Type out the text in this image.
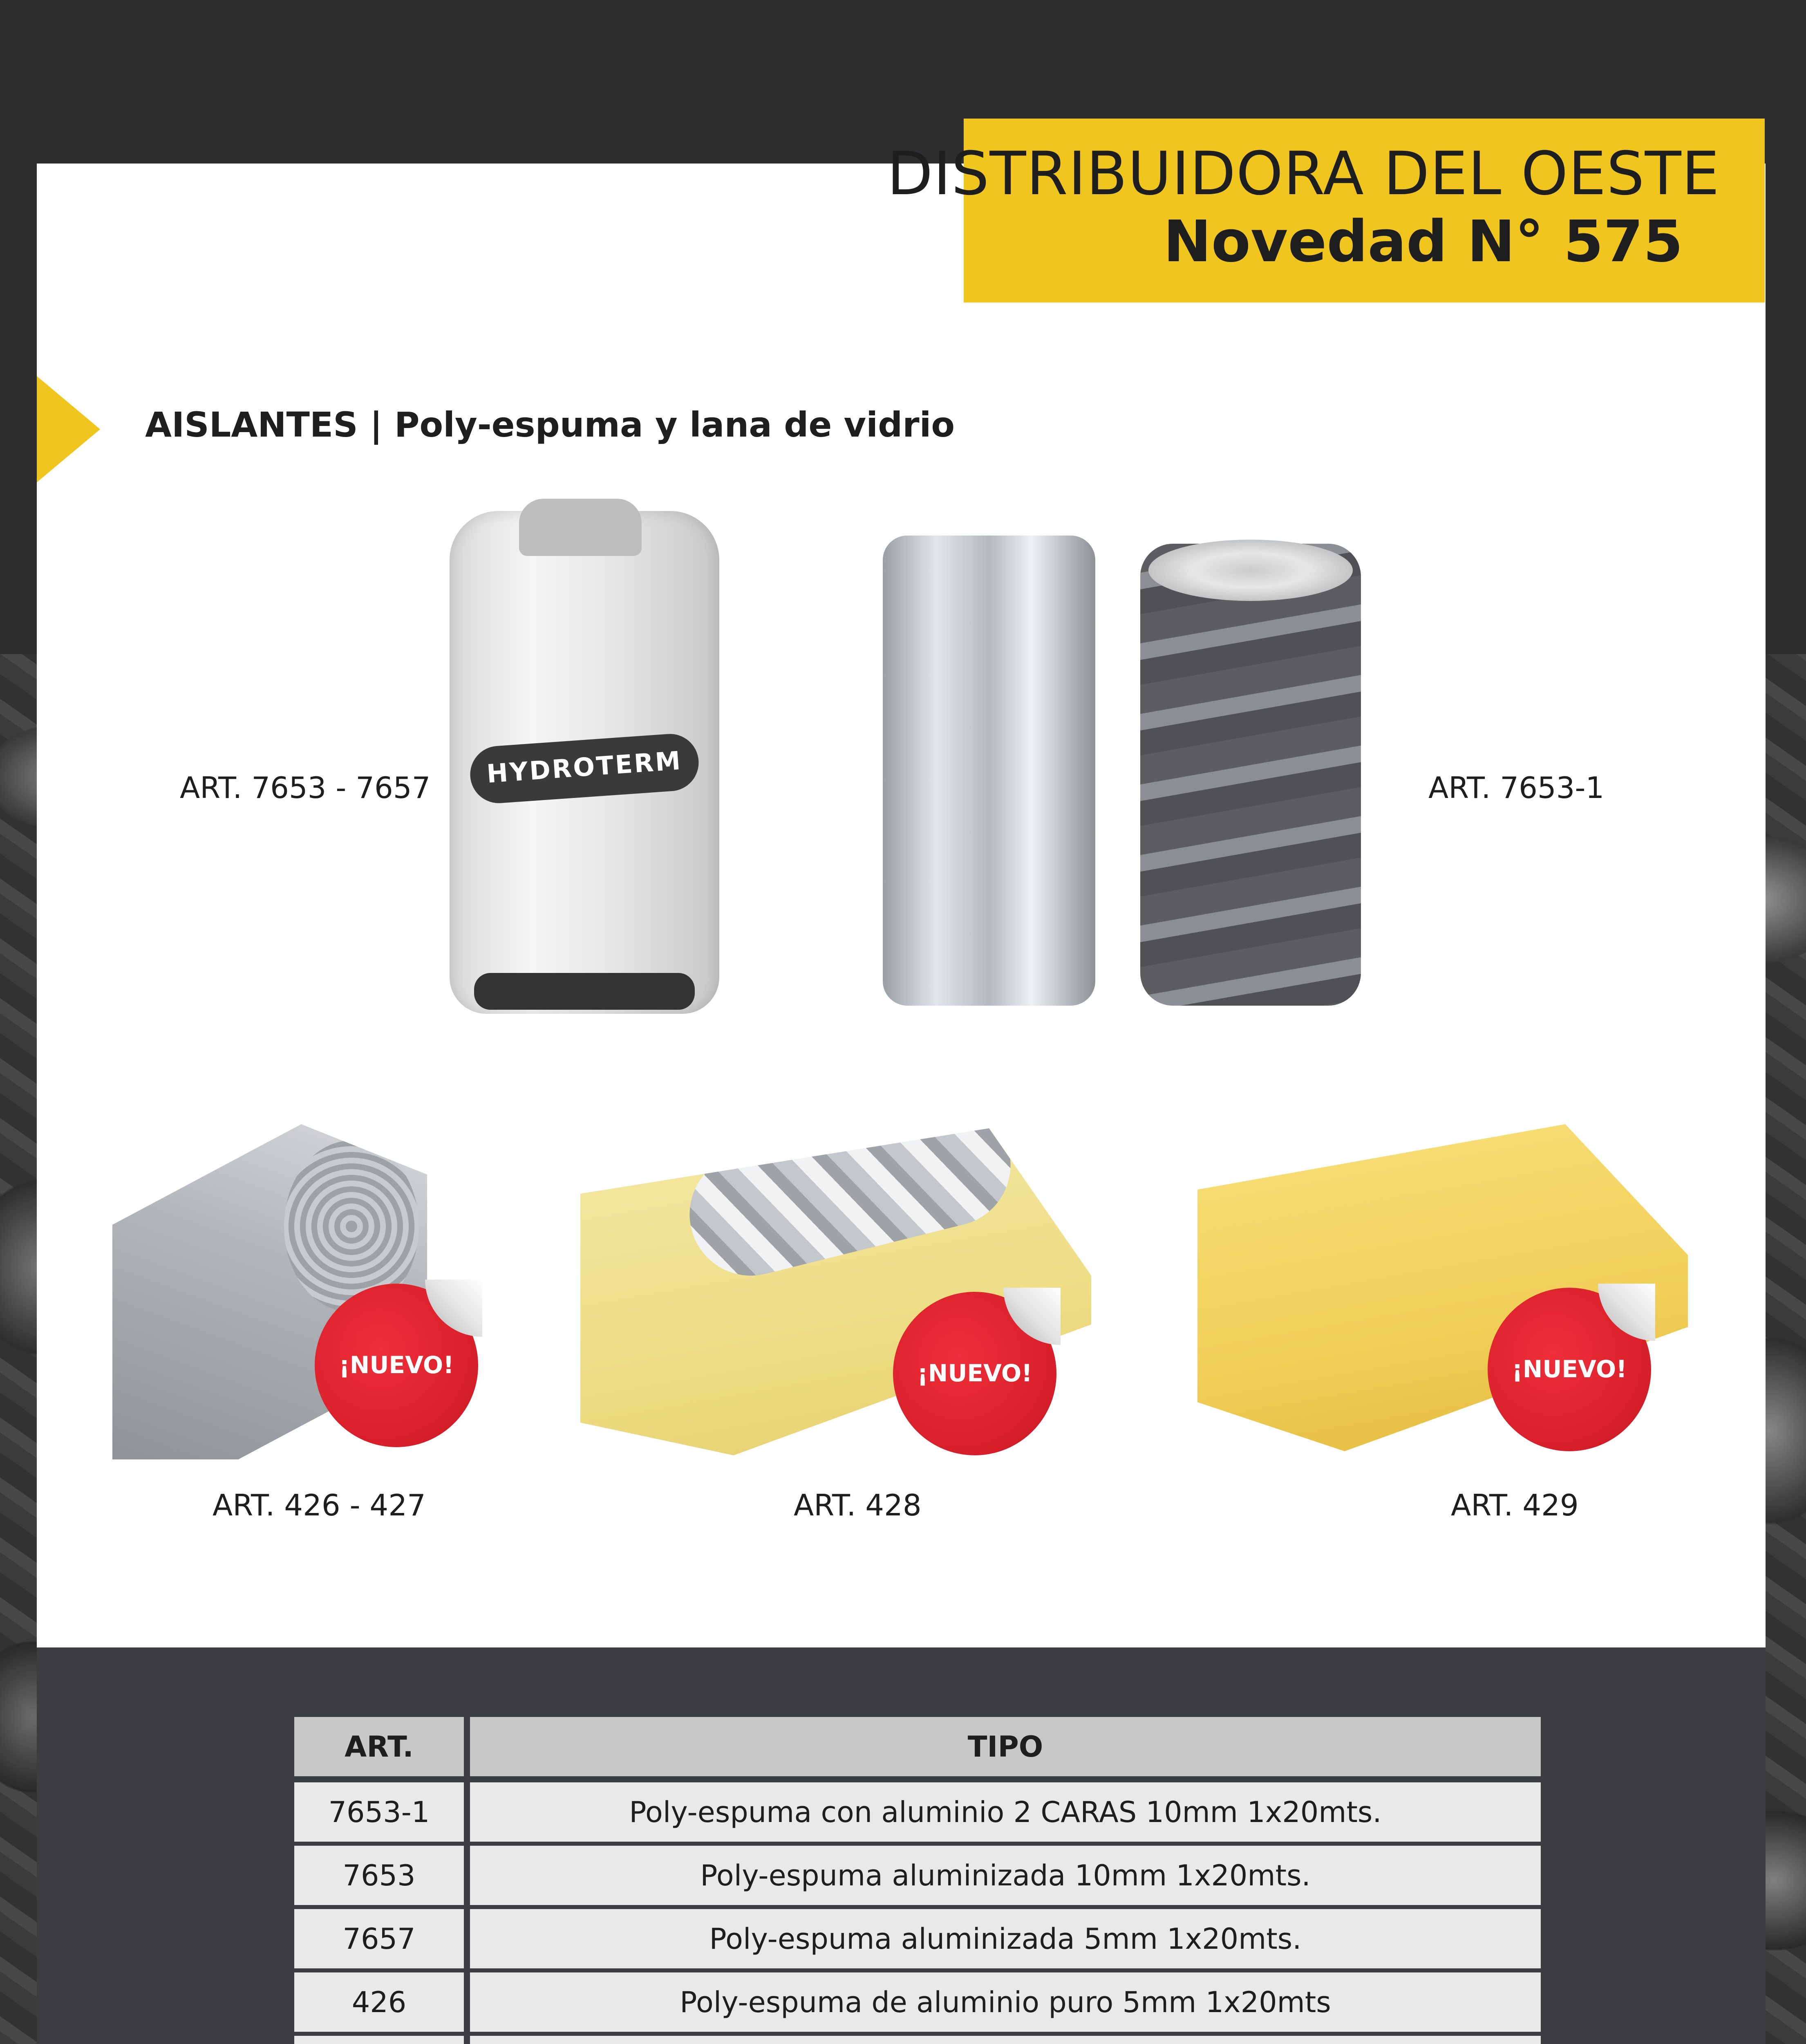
DISTRIBUIDORA DEL OESTE
Novedad N° 575
AISLANTES | Poly-espuma y lana de vidrio
ART. 7653 - 7657	HYDROTERM	ART. 7653-1
¡NUEVO!
ART. 426 - 427
¡NUEVO!
ART. 428
¡NUEVO!
ART. 429
ART.	TIPO
7653-1	Poly-espuma con aluminio 2 CARAS 10mm 1x20mts.
7653	Poly-espuma aluminizada 10mm 1x20mts.
7657	Poly-espuma aluminizada 5mm 1x20mts.
426	Poly-espuma de aluminio puro 5mm 1x20mts
